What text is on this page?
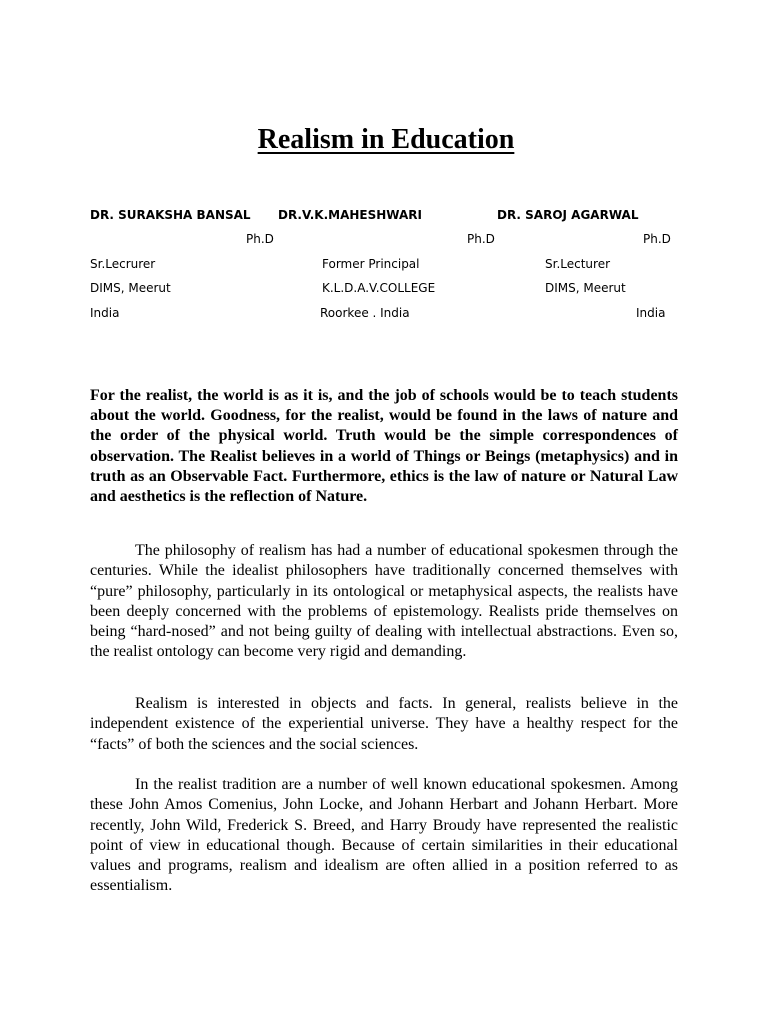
Realism in Education
DR. SURAKSHA BANSAL
Ph.D
Sr.Lecrurer
DIMS, Meerut
India
DR.V.K.MAHESHWARI
Ph.D
Former Principal
K.L.D.A.V.COLLEGE
Roorkee . India
DR. SAROJ AGARWAL
Ph.D
Sr.Lecturer
DIMS, Meerut
India

For the realist, the world is as it is, and the job of schools would be to teach students about the world. Goodness, for the realist, would be found in the laws of nature and the order of the physical world. Truth would be the simple correspondences of observation. The Realist believes in a world of Things or Beings (metaphysics) and in truth as an Observable Fact. Furthermore, ethics is the law of nature or Natural Law and aesthetics is the reflection of Nature.

The philosophy of realism has had a number of educational spokesmen through the centuries. While the idealist philosophers have traditionally concerned themselves with “pure” philosophy, particularly in its ontological or metaphysical aspects, the realists have been deeply concerned with the problems of epistemology. Realists pride themselves on being “hard-nosed” and not being guilty of dealing with intellectual abstractions. Even so, the realist ontology can become very rigid and demanding.

Realism is interested in objects and facts. In general, realists believe in the independent existence of the experiential universe. They have a healthy respect for the “facts” of both the sciences and the social sciences.

In the realist tradition are a number of well known educational spokesmen. Among these John Amos Comenius, John Locke, and Johann Herbart and Johann Herbart. More recently, John Wild, Frederick S. Breed, and Harry Broudy have represented the realistic point of view in educational though. Because of certain similarities in their educational values and programs, realism and idealism are often allied in a position referred to as essentialism.
